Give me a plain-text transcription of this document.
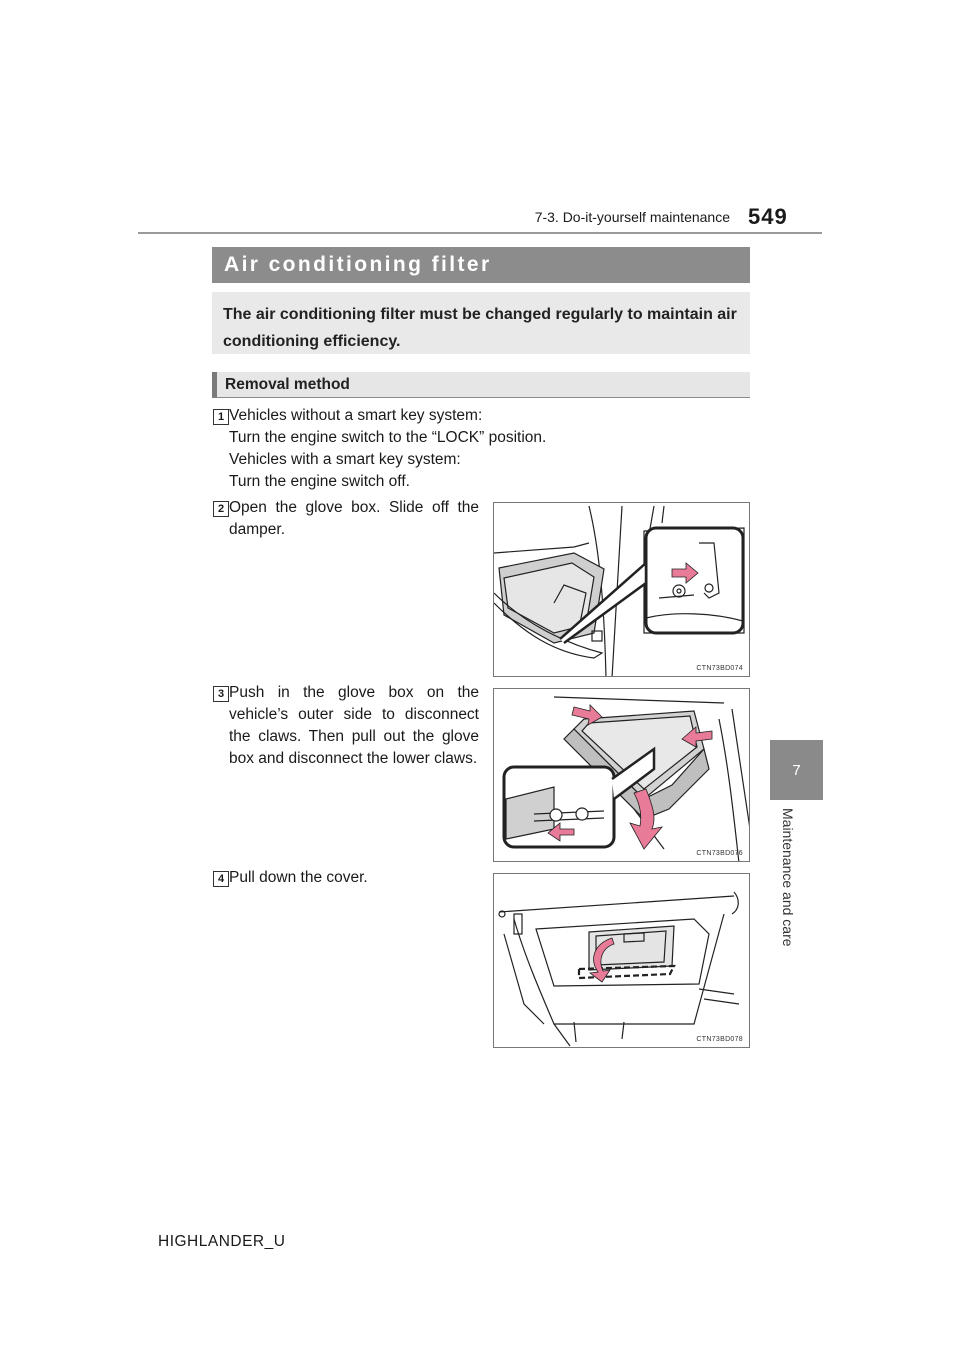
7-3. Do-it-yourself maintenance 549
7
Maintenance and care
Air conditioning filter

The air conditioning filter must be changed regularly to maintain air conditioning efficiency.

Removal method
1 Vehicles without a smart key system:
Turn the engine switch to the “LOCK” position.
Vehicles with a smart key system:
Turn the engine switch off.
2 Open the glove box. Slide off the damper.
CTN73BD074
3 Push in the glove box on the vehicle’s outer side to disconnect the claws. Then pull out the glove box and disconnect the lower claws.
CTN73BD076
4 Pull down the cover.
CTN73BD078
HIGHLANDER_U
